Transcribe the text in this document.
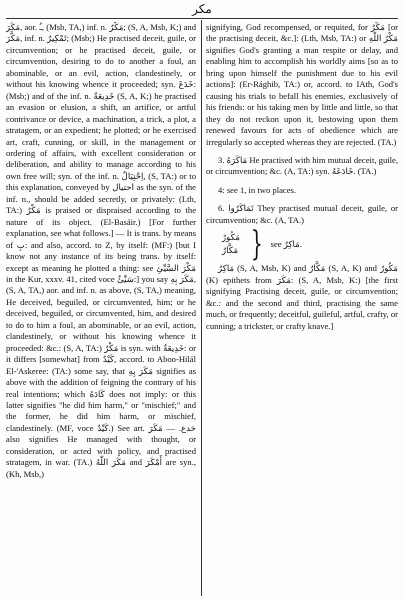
مكر

ﻣَﻜَﺮَ, aor. ـُ, (Msb, TA,) inf. n. ﻣَﻜْﺮٌ; (S, A, Msb, K;) and ﻣَﻜَّﺮَ, inf. n. ﺗَﻤْﻜِﻴﺮٌ; (Msb;) He practised deceit, guile, or circumvention; or he practised deceit, guile, or circumvention, desiring to do to another a foul, an abominable, or an evil, action, clandestinely, or without his knowing whence it proceeded; syn. ﺧَﺪَﻉَ: (Msb;) and of the inf. n. ﺧَﺪِﻳﻌَﺔٌ (S, A, K;) he practised an evasion or elusion, a shift, an artifice, or artful contrivance or device, a machination, a trick, a plot, a stratagem, or an expedient; he plotted; or he exercised art, craft, cunning, or skill, in the management or ordering of affairs, with excellent consideration or deliberation, and ability to manage according to his own free will; syn. of the inf. n. ﺍِﺣْﺘِﻴَﺎﻝٌ, (S, TA:) or to this explanation, conveyed by ﺍﺣﺘﻴﺎﻝ as the syn. of the inf. n., should be added secretly, or privately: (Lth, TA:) ﻣَﻜْﺮٌ is praised or dispraised according to the nature of its object. (El-Basáir.) [For further explanation, see what follows.] — It is trans. by means of ﺏِ: and also, accord. to Z, by itself: (MF:) [but I know not any instance of its being trans. by itself: except as meaning he plotted a thing: see ﻣَﻜْﺮَ ﺍﻟﺴَّﻴِّﺊِ in the Kur, xxxv. 41, cited voce ﺳَﻴِّﺊٌ:] you say ﻣَﻜَﺮَ ﺑِﻪِ, (S, A, TA,) aor. and inf. n. as above, (S, TA,) meaning, He deceived, beguiled, or circumvented, him; or he deceived, beguiled, or circumvented, him, and desired to do to him a foul, an abominable, or an evil, action, clandestinely, or without his knowing whence it proceeded: &c.: (S, A, TA:) ﻣَﻜْﺮٌ is syn. with ﺧَﺪِﻳﻌَﺔٌ: or it differs [somewhat] from ﻛَﻴْﺪٌ, accord. to Aboo-Hilál El-'Askeree: (TA:) some say, that ﻣَﻜَﺮَ ﺑِﻪِ signifies as above with the addition of feigning the contrary of his real intentions; which ﻛَﺎﺩَﻩُ does not imply: or this latter signifies "he did him harm," or "mischief;" and the former, he did him harm, or mischief, clandestinely. (MF, voce ﻛَﻴْﺪٌ.) See art. ﺧﺪﻉ. — ﻣَﻜَﺮَ also signifies He managed with thought, or consideration, or acted with policy, and practised stratagem, in war. (TA.) ﻣَﻜَﺮَ ﺍﻟﻠّٰﻪُ and ﺃَﻣْﻜَﺮَ are syn., (Kh, Msb,)

signifying, God recompensed, or requited, for ﻣَﻜْﺮٌ [or the practising deceit, &c.]: (Lth, Msb, TA:) or ﻣَﻜْﺮُ ﺍﻟﻠّٰﻪِ signifies God's granting a man respite or delay, and enabling him to accomplish his worldly aims [so as to bring upon himself the punishment due to his evil actions]: (Er-Rághib, TA:) or, accord. to IAth, God's causing his trials to befall his enemies, exclusively of his friends: or his taking men by little and little, so that they do not reckon upon it, bestowing upon them renewed favours for acts of obedience which are irregularly so accepted whereas they are rejected. (TA.)

3. ﻣَﺎﻛَﺮَﻩُ He practised with him mutual deceit, guile, or circumvention; &c. (A, TA:) syn. ﺧَﺎﺩَﻋَﻪُ. (TA.)

4: see 1, in two places.

6. ﺗَﻤَﺎﻛَﺮُﻭﺍ They practised mutual deceit, guile, or circumvention; &c. (A, TA.)

ﻣَﻜُﻮﺭٌ
ﻣَﻜَّﺎﺭٌ } see ﻣَﺎﻛِﺮٌ.

ﻣَﺎﻛِﺮٌ (S, A, Msb, K) and ﻣَﻜَّﺎﺭٌ (S, A, K) and ﻣَﻜُﻮﺭٌ (K) epithets from ﻣَﻜَﺮَ: (S, A, Msb, K:) [the first signifying Practising deceit, guile, or circumvention; &c.: and the second and third, practising the same much, or frequently; deceitful, guileful, artful, crafty, or cunning; a trickster, or crafty knave.]
